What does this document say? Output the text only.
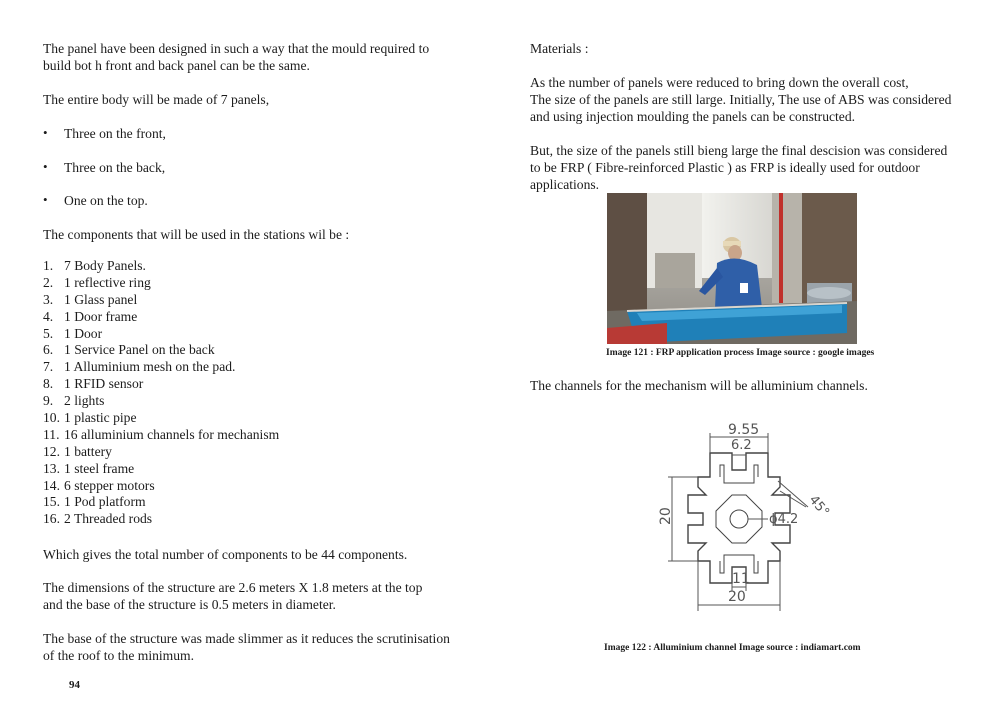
The panel have been designed in such a way that the mould required to
build bot h front and back panel can be the same.
The entire body will be made of 7 panels,
• Three on the front,
• Three on the back,
• One on the top.
The components that will be used in the stations wil be :
1. 7 Body Panels.
2. 1 reflective ring
3. 1 Glass panel
4. 1 Door frame
5. 1 Door
6. 1 Service Panel on the back
7. 1 Alluminium mesh on the pad.
8. 1 RFID sensor
9. 2 lights
10. 1 plastic pipe
11. 16 alluminium channels for mechanism
12. 1 battery
13. 1 steel frame
14. 6 stepper motors
15. 1 Pod platform
16. 2 Threaded rods
Which gives the total number of components to be 44 components.
The dimensions of the structure are 2.6 meters X 1.8 meters at the top
and the base of the structure is 0.5 meters in diameter.
The base of the structure was made slimmer as it reduces the scrutinisation
of the roof to the minimum.
94
Materials :
As the number of panels were reduced to bring down the overall cost,
The size of the panels are still large. Initially, The use of ABS was considered
and using injection moulding the panels can be constructed.
But, the size of the panels still bieng large the final descision was considered
to be FRP ( Fibre-reinforced Plastic ) as FRP is ideally used for outdoor
applications.
The channels for the mechanism will be alluminium channels.
Image 121 : FRP application process Image source : google images
9.55
6.2
20	45°
ϕ4.2
11
20
Image 122 : Alluminium channel Image source : indiamart.com
